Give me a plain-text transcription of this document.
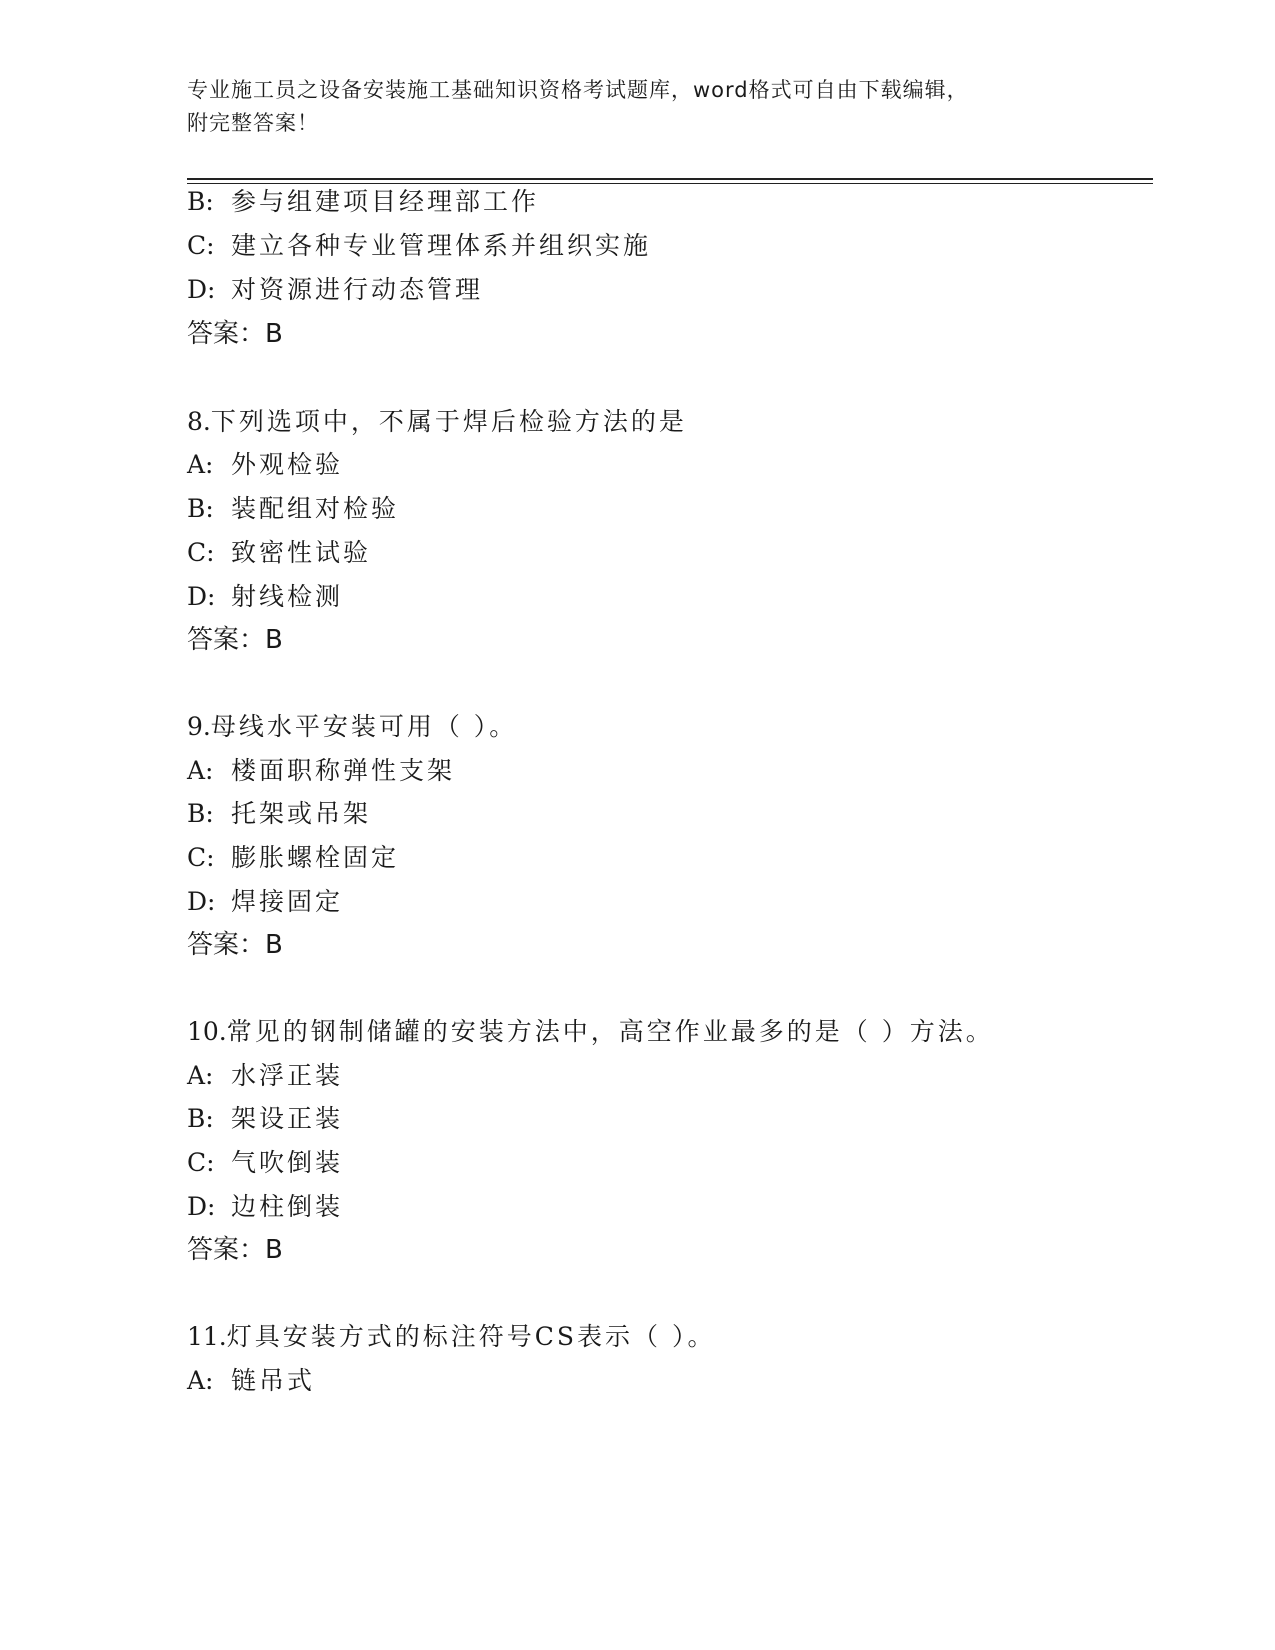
专业施工员之设备安装施工基础知识资格考试题库，word格式可自由下载编辑，
附完整答案！
B: 参与组建项目经理部工作
C: 建立各种专业管理体系并组织实施
D: 对资源进行动态管理
答案：B
8.下列选项中，不属于焊后检验方法的是
A: 外观检验
B: 装配组对检验
C: 致密性试验
D: 射线检测
答案：B
9.母线水平安装可用（ ）。
A: 楼面职称弹性支架
B: 托架或吊架
C: 膨胀螺栓固定
D: 焊接固定
答案：B
10.常见的钢制储罐的安装方法中，高空作业最多的是（ ）方法。
A: 水浮正装
B: 架设正装
C: 气吹倒装
D: 边柱倒装
答案：B
11.灯具安装方式的标注符号CS表示（ ）。
A: 链吊式
